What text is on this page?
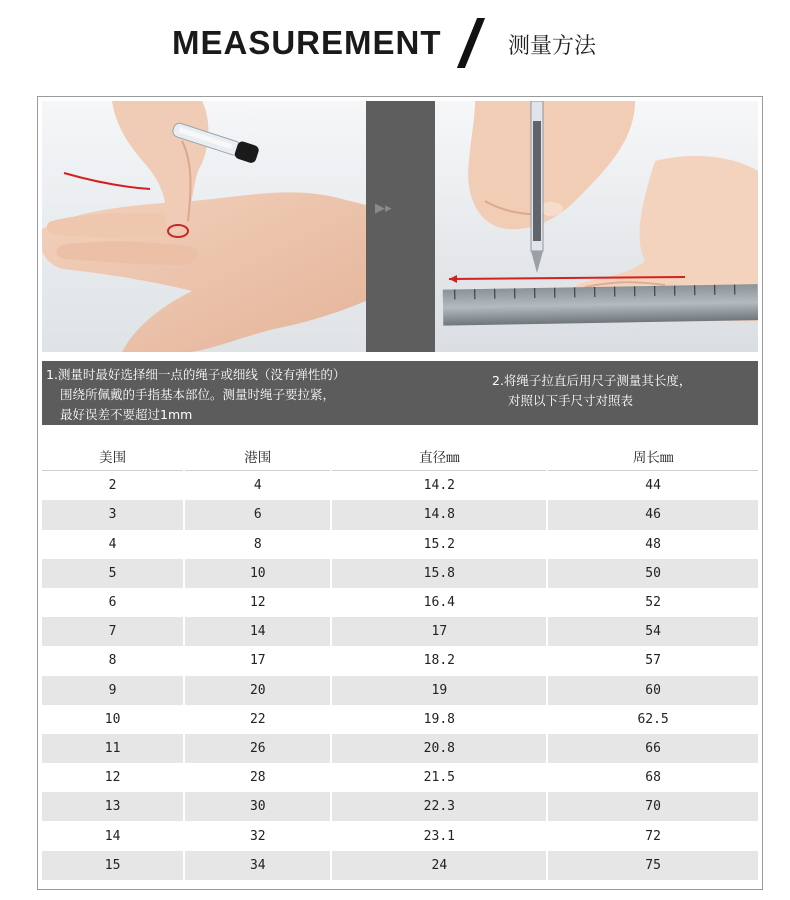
MEASUREMENT	测量方法
▶ ▸
1.测量时最好选择细一点的绳子或细线（没有弹性的）
围绕所佩戴的手指基本部位。测量时绳子要拉紧，
最好误差不要超过1mm
2.将绳子拉直后用尺子测量其长度，
对照以下手尺寸对照表
美围	港围	直径㎜	周长㎜
2	4	14.2	44
3	6	14.8	46
4	8	15.2	48
5	10	15.8	50
6	12	16.4	52
7	14	17	54
8	17	18.2	57
9	20	19	60
10	22	19.8	62.5
11	26	20.8	66
12	28	21.5	68
13	30	22.3	70
14	32	23.1	72
15	34	24	75
